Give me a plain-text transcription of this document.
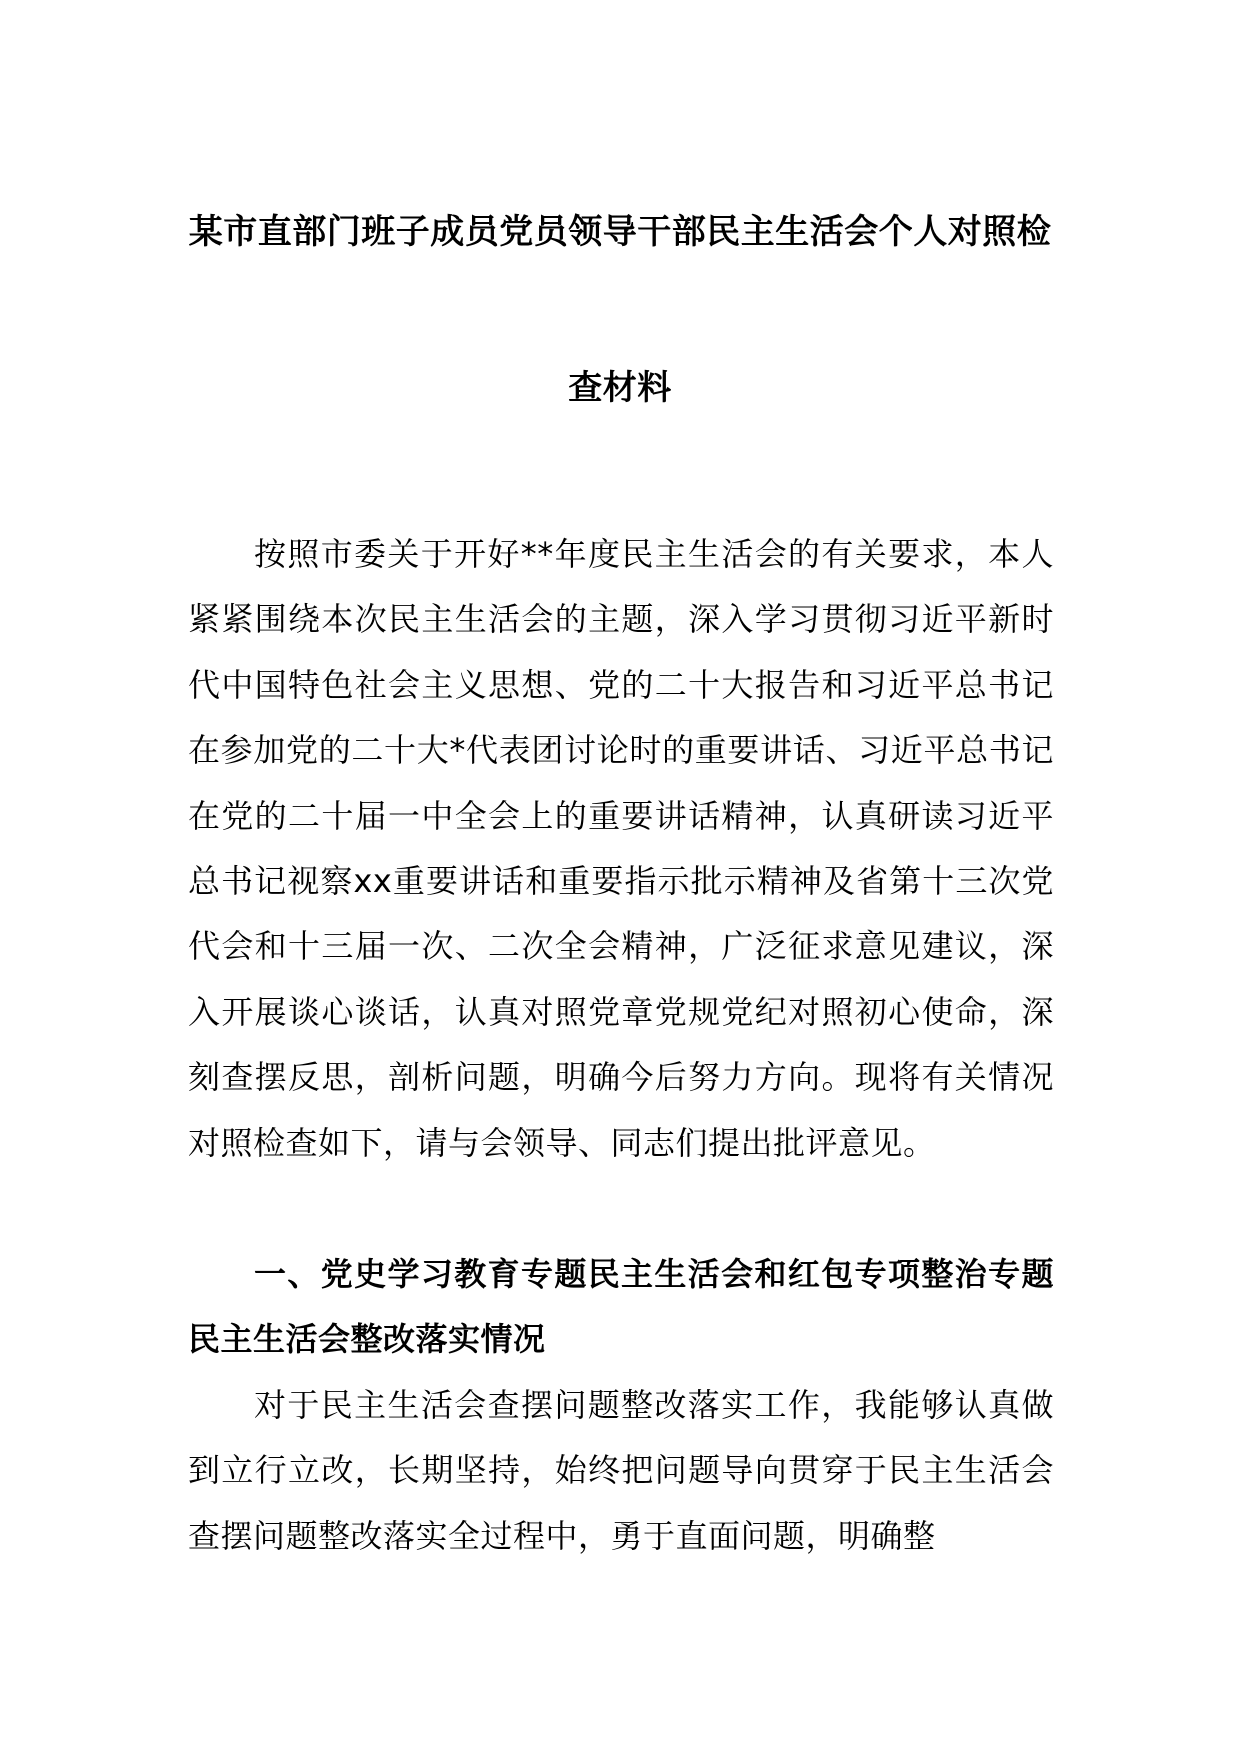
某市直部门班子成员党员领导干部民主生活会个人对照检
查材料

按照市委关于开好**年度民主生活会的有关要求，本人紧紧围绕本次民主生活会的主题，深入学习贯彻习近平新时代中国特色社会主义思想、党的二十大报告和习近平总书记在参加党的二十大*代表团讨论时的重要讲话、习近平总书记在党的二十届一中全会上的重要讲话精神，认真研读习近平总书记视察xx重要讲话和重要指示批示精神及省第十三次党代会和十三届一次、二次全会精神，广泛征求意见建议，深入开展谈心谈话，认真对照党章党规党纪对照初心使命，深刻查摆反思，剖析问题，明确今后努力方向。现将有关情况对照检查如下，请与会领导、同志们提出批评意见。

一、党史学习教育专题民主生活会和红包专项整治专题民主生活会整改落实情况

对于民主生活会查摆问题整改落实工作，我能够认真做到立行立改，长期坚持，始终把问题导向贯穿于民主生活会查摆问题整改落实全过程中，勇于直面问题，明确整
